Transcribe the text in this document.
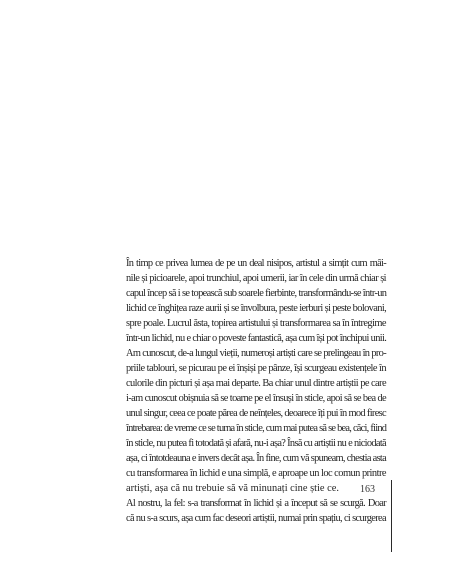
În timp ce privea lumea de pe un deal nisipos, artistul a simțit cum mâi-
nile și picioarele, apoi trunchiul, apoi umerii, iar în cele din urmă chiar și
capul încep să i se topească sub soarele fierbinte, transformându-se într-un
lichid ce înghițea raze aurii și se învolbura, peste ierburi și peste bolovani,
spre poale. Lucrul ăsta, topirea artistului și transformarea sa în întregime
într-un lichid, nu e chiar o poveste fantastică, așa cum își pot închipui unii.
Am cunoscut, de-a lungul vieții, numeroși artiști care se prelingeau în pro-
priile tablouri, se picurau pe ei înșiși pe pânze, își scurgeau existențele în
culorile din picturi și așa mai departe. Ba chiar unul dintre artiștii pe care
i-am cunoscut obișnuia să se toarne pe el însuși în sticle, apoi să se bea de
unul singur, ceea ce poate părea de neînțeles, deoarece îți pui în mod firesc
întrebarea: de vreme ce se turna în sticle, cum mai putea să se bea, căci, fiind
în sticle, nu putea fi totodată și afară, nu-i așa? Însă cu artiștii nu e niciodată
așa, ci întotdeauna e invers decât așa. În fine, cum vă spuneam, chestia asta
cu transformarea în lichid e una simplă, e aproape un loc comun printre
artiști, așa că nu trebuie să vă minunați cine știe ce.

Al nostru, la fel: s-a transformat în lichid și a început să se scurgă. Doar
că nu s-a scurs, așa cum fac deseori artiștii, numai prin spațiu, ci scurgerea

163
